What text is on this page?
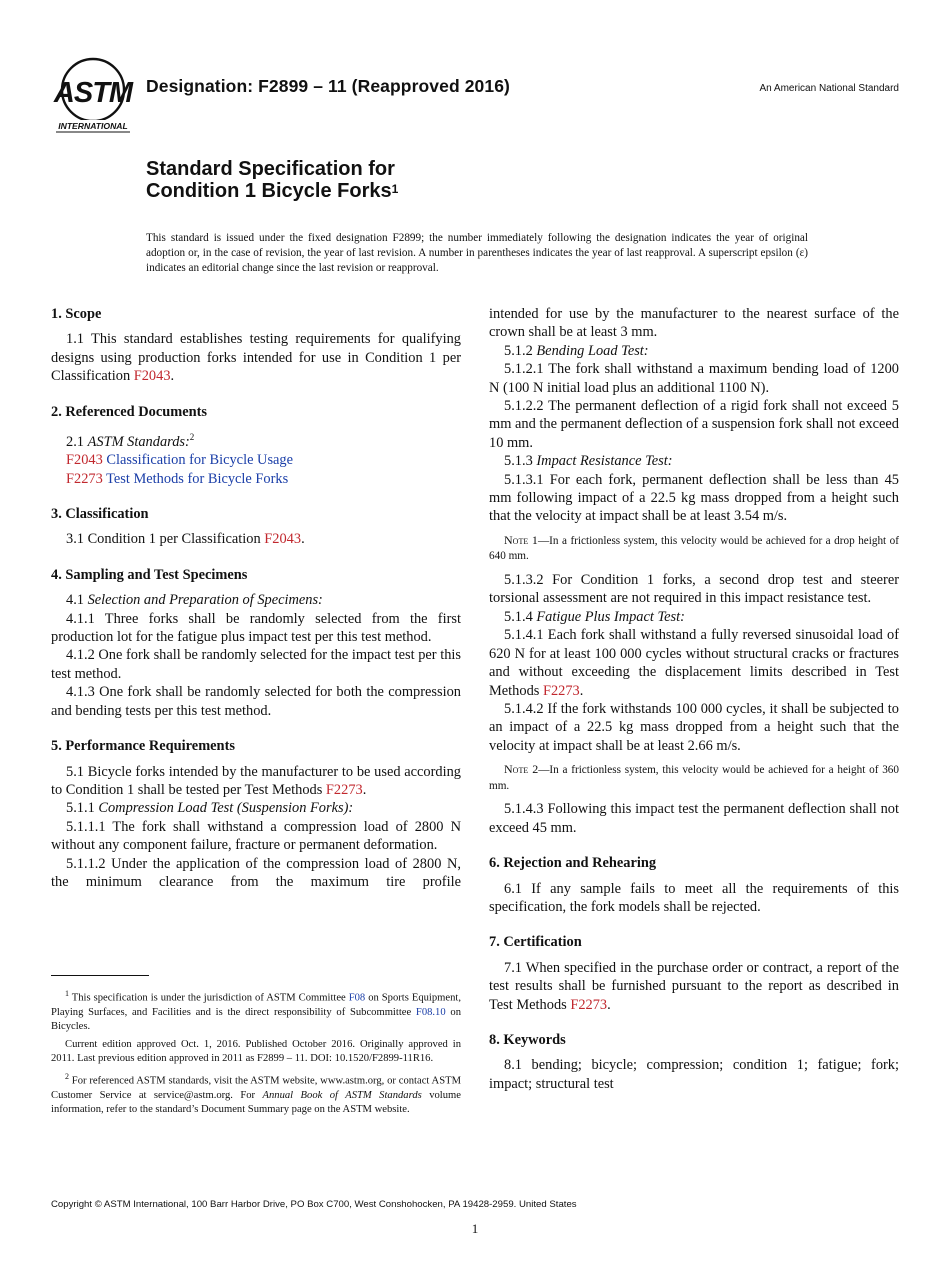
ASTM
INTERNATIONAL
Designation: F2899 – 11 (Reapproved 2016)	An American National Standard
Standard Specification for
Condition 1 Bicycle Forks$^1$
This standard is issued under the fixed designation F2899; the number immediately following the designation indicates the year of original adoption or, in the case of revision, the year of last revision. A number in parentheses indicates the year of last reapproval. A superscript epsilon (ε) indicates an editorial change since the last revision or reapproval.
1. Scope

1.1 This standard establishes testing requirements for qualifying designs using production forks intended for use in Condition 1 per Classification F2043.

2. Referenced Documents

2.1 ASTM Standards:$^2$

F2043 Classification for Bicycle Usage

F2273 Test Methods for Bicycle Forks

3. Classification

3.1 Condition 1 per Classification F2043.

4. Sampling and Test Specimens

4.1 Selection and Preparation of Specimens:

4.1.1 Three forks shall be randomly selected from the first production lot for the fatigue plus impact test per this test method.

4.1.2 One fork shall be randomly selected for the impact test per this test method.

4.1.3 One fork shall be randomly selected for both the compression and bending tests per this test method.

5. Performance Requirements

5.1 Bicycle forks intended by the manufacturer to be used according to Condition 1 shall be tested per Test Methods F2273.

5.1.1 Compression Load Test (Suspension Forks):

5.1.1.1 The fork shall withstand a compression load of 2800 N without any component failure, fracture or permanent deformation.

5.1.1.2 Under the application of the compression load of 2800 N, the minimum clearance from the maximum tire profile

intended for use by the manufacturer to the nearest surface of the crown shall be at least 3 mm.

5.1.2 Bending Load Test:

5.1.2.1 The fork shall withstand a maximum bending load of 1200 N (100 N initial load plus an additional 1100 N).

5.1.2.2 The permanent deflection of a rigid fork shall not exceed 5 mm and the permanent deflection of a suspension fork shall not exceed 10 mm.

5.1.3 Impact Resistance Test:

5.1.3.1 For each fork, permanent deflection shall be less than 45 mm following impact of a 22.5 kg mass dropped from a height such that the velocity at impact shall be at least 3.54 m/s.

Note 1—In a frictionless system, this velocity would be achieved for a drop height of 640 mm.

5.1.3.2 For Condition 1 forks, a second drop test and steerer torsional assessment are not required in this impact resistance test.

5.1.4 Fatigue Plus Impact Test:

5.1.4.1 Each fork shall withstand a fully reversed sinusoidal load of 620 N for at least 100 000 cycles without structural cracks or fractures and without exceeding the displacement limits described in Test Methods F2273.

5.1.4.2 If the fork withstands 100 000 cycles, it shall be subjected to an impact of a 22.5 kg mass dropped from a height such that the velocity at impact shall be at least 2.66 m/s.

Note 2—In a frictionless system, this velocity would be achieved for a height of 360 mm.

5.1.4.3 Following this impact test the permanent deflection shall not exceed 45 mm.

6. Rejection and Rehearing

6.1 If any sample fails to meet all the requirements of this specification, the fork models shall be rejected.

7. Certification

7.1 When specified in the purchase order or contract, a report of the test results shall be furnished pursuant to the report as described in Test Methods F2273.

8. Keywords

8.1 bending; bicycle; compression; condition 1; fatigue; fork; impact; structural test

$^1$ This specification is under the jurisdiction of ASTM Committee F08 on Sports Equipment, Playing Surfaces, and Facilities and is the direct responsibility of Subcommittee F08.10 on Bicycles.

Current edition approved Oct. 1, 2016. Published October 2016. Originally approved in 2011. Last previous edition approved in 2011 as F2899 – 11. DOI: 10.1520/F2899-11R16.

$^2$ For referenced ASTM standards, visit the ASTM website, www.astm.org, or contact ASTM Customer Service at service@astm.org. For Annual Book of ASTM Standards volume information, refer to the standard’s Document Summary page on the ASTM website.

Copyright © ASTM International, 100 Barr Harbor Drive, PO Box C700, West Conshohocken, PA 19428-2959. United States
1
